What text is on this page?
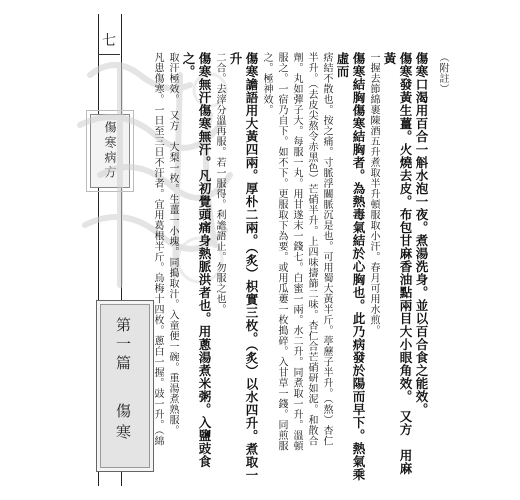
七
傷寒病方
第一篇
傷寒

（附註）

傷寒口渴用百合一斛水泡一夜。煮湯洗身。並以百合食之能效。

傷寒發黃生薑。火燒去皮。布包甘麻香油點兩目大小眼角效。　又方　用麻黃

一握去節綿裹陳酒五升煮取半升頓服取小汗。春月可用水煎。

傷寒結胸傷寒結胸者。為熱毒氣結於心胸也。此乃病發於陽而早下。熱氣乘虛而

痞結不散也。按之痛。寸脈浮關脈沉是也。可用蜀大黃半斤。葶藶子半升。（熬）杏仁

半升。（去皮尖熬令赤黑色）芒硝半升。上四味擣篩二味。杏仁合芒硝研如泥。和散合

劑。丸如彈子大。每服一丸。用甘遂末一錢七。白蜜一兩。水二升。同煮取一升。溫頓

服之。一宿乃自下。如不下。更服取下為要。或用瓜蔞一枚搗碎。入甘草一錢。同煎服

之。極神效。

傷寒譫語用大黃四兩。厚朴二兩。（炙）枳實三枚。（炙）以水四升。煮取一升

二合。去滓分溫再服。若一服得。利譫語止。勿服之也。

傷寒無汗傷寒無汗。凡初覺頭痛身熱脈洪者也。用蔥湯煮米粥。入鹽豉食之。

取汗極效。　又方　大梨一枚。生薑一小塊。同搗取汁。入童便一碗。重湯煮熟服。

凡患傷寒。一日至三日不汗者。宜用葛根半斤。烏梅十四枚。蔥白一握。豉一升。（綿
